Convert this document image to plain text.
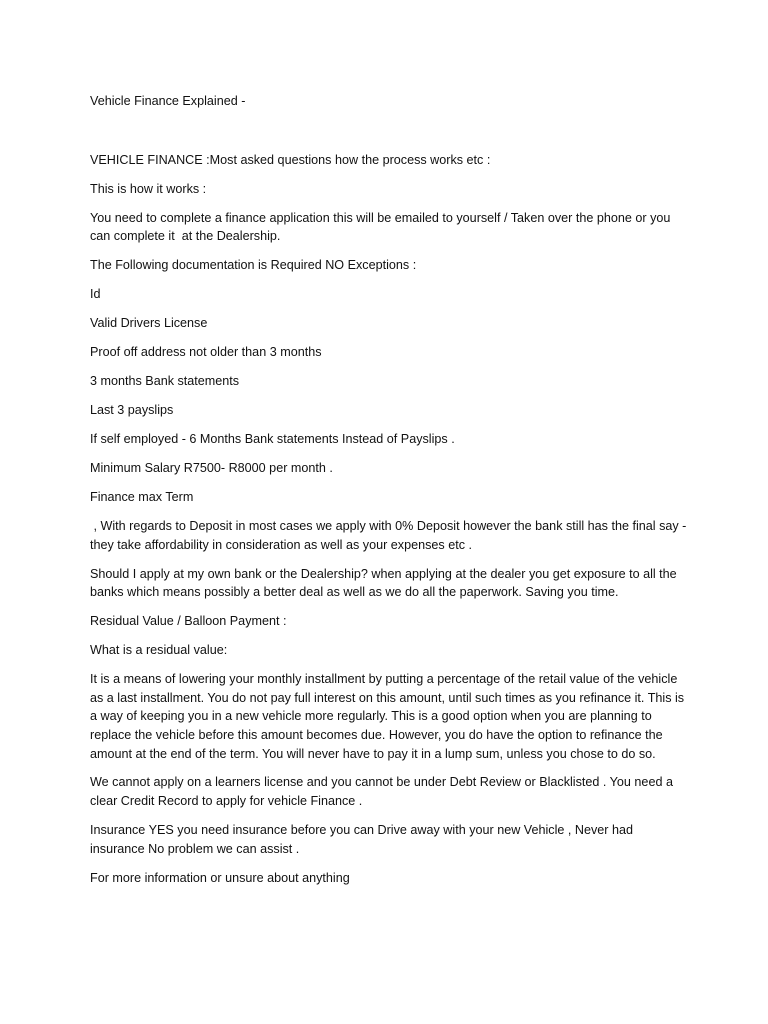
Vehicle Finance Explained -

VEHICLE FINANCE :Most asked questions how the process works etc :

This is how it works :

You need to complete a finance application this will be emailed to yourself / Taken over the phone or you can complete it  at the Dealership.

The Following documentation is Required NO Exceptions :

Id

Valid Drivers License

Proof off address not older than 3 months

3 months Bank statements

Last 3 payslips

If self employed - 6 Months Bank statements Instead of Payslips .

Minimum Salary R7500- R8000 per month .

Finance max Term

, With regards to Deposit in most cases we apply with 0% Deposit however the bank still has the final say - they take affordability in consideration as well as your expenses etc .

Should I apply at my own bank or the Dealership? when applying at the dealer you get exposure to all the banks which means possibly a better deal as well as we do all the paperwork. Saving you time.

Residual Value / Balloon Payment :

What is a residual value:

It is a means of lowering your monthly installment by putting a percentage of the retail value of the vehicle as a last installment. You do not pay full interest on this amount, until such times as you refinance it. This is a way of keeping you in a new vehicle more regularly. This is a good option when you are planning to replace the vehicle before this amount becomes due. However, you do have the option to refinance the amount at the end of the term. You will never have to pay it in a lump sum, unless you chose to do so.

We cannot apply on a learners license and you cannot be under Debt Review or Blacklisted . You need a clear Credit Record to apply for vehicle Finance .

Insurance YES you need insurance before you can Drive away with your new Vehicle , Never had insurance No problem we can assist .

For more information or unsure about anything
